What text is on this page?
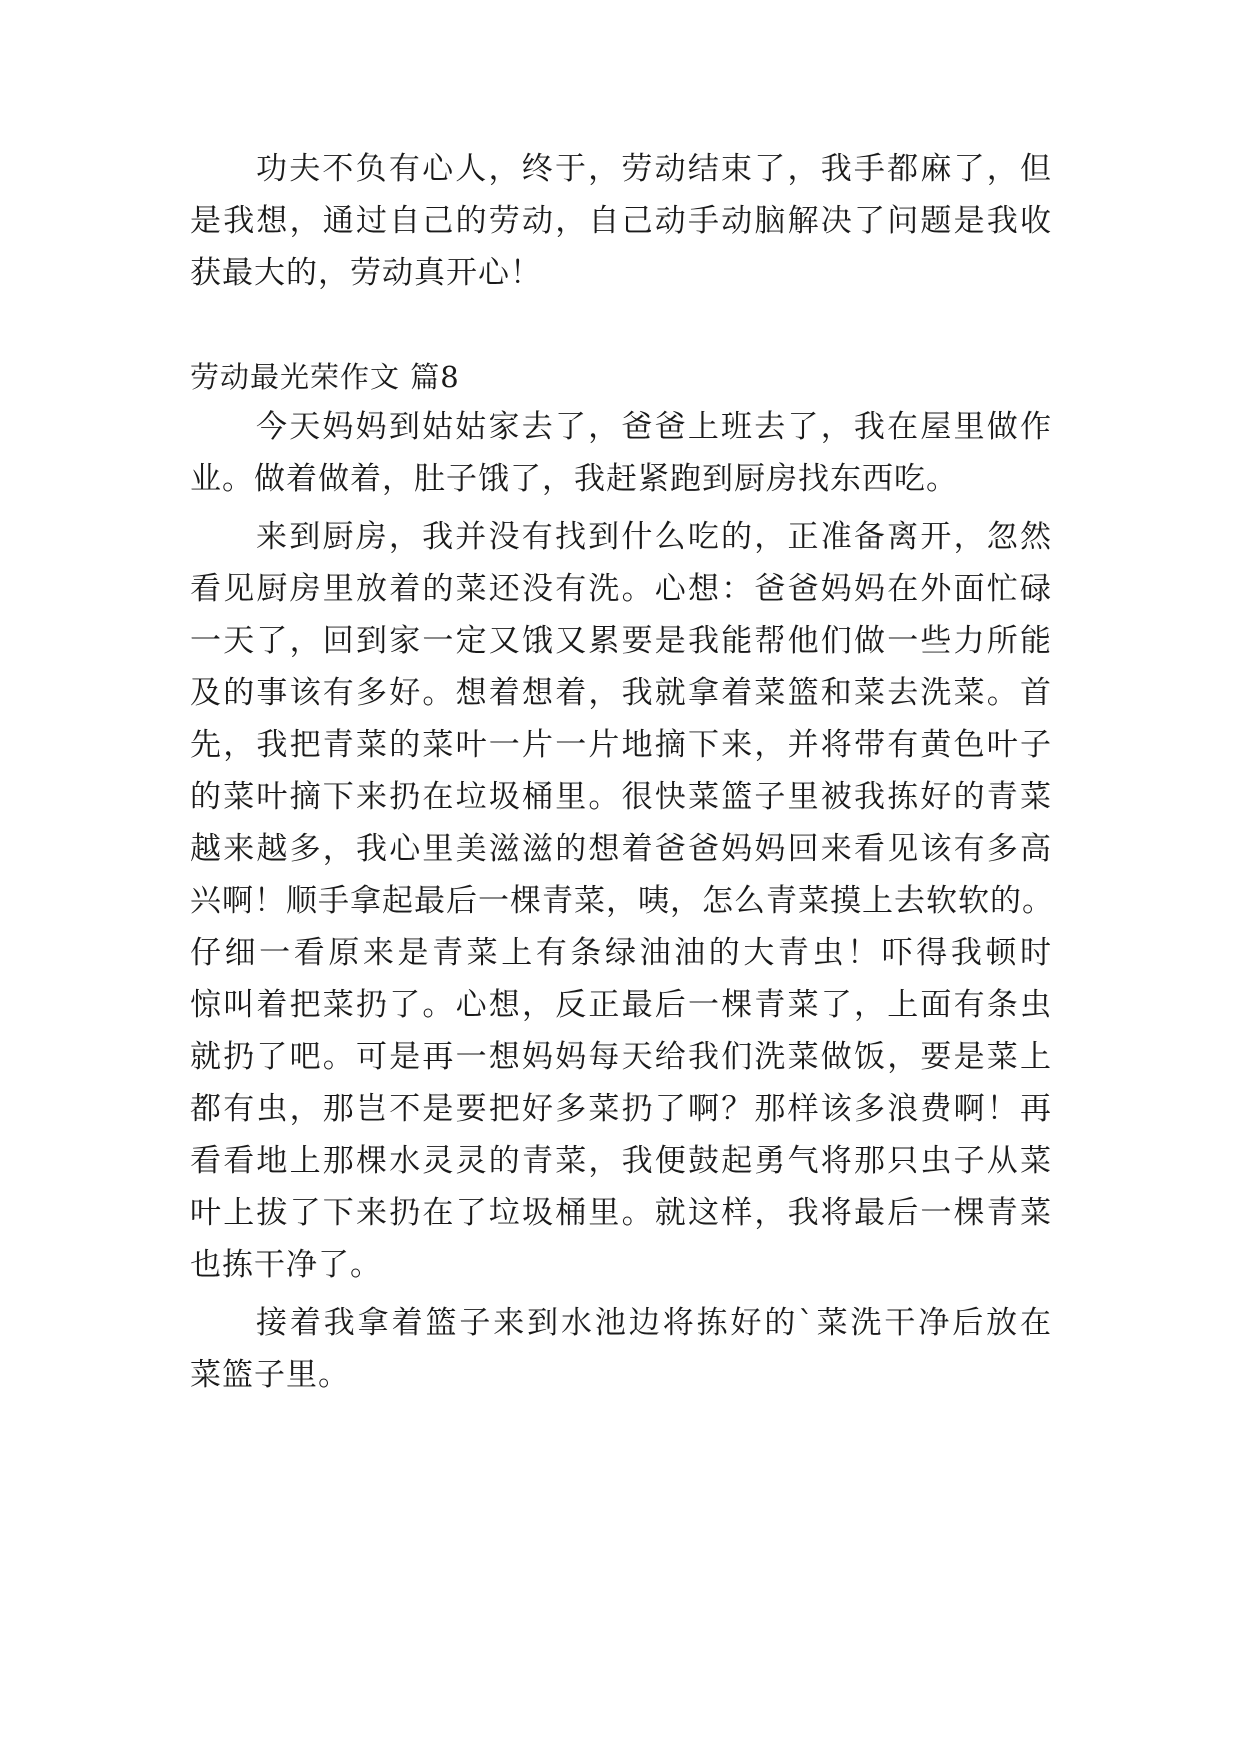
功夫不负有心人，终于，劳动结束了，我手都麻了，但
是我想，通过自己的劳动，自己动手动脑解决了问题是我收
获最大的，劳动真开心！
劳动最光荣作文 篇8
今天妈妈到姑姑家去了，爸爸上班去了，我在屋里做作
业。做着做着，肚子饿了，我赶紧跑到厨房找东西吃。
来到厨房，我并没有找到什么吃的，正准备离开，忽然
看见厨房里放着的菜还没有洗。心想：爸爸妈妈在外面忙碌
一天了，回到家一定又饿又累要是我能帮他们做一些力所能
及的事该有多好。想着想着，我就拿着菜篮和菜去洗菜。首
先，我把青菜的菜叶一片一片地摘下来，并将带有黄色叶子
的菜叶摘下来扔在垃圾桶里。很快菜篮子里被我拣好的青菜
越来越多，我心里美滋滋的想着爸爸妈妈回来看见该有多高
兴啊！顺手拿起最后一棵青菜，咦，怎么青菜摸上去软软的。
仔细一看原来是青菜上有条绿油油的大青虫！吓得我顿时
惊叫着把菜扔了。心想，反正最后一棵青菜了，上面有条虫
就扔了吧。可是再一想妈妈每天给我们洗菜做饭，要是菜上
都有虫，那岂不是要把好多菜扔了啊？那样该多浪费啊！再
看看地上那棵水灵灵的青菜，我便鼓起勇气将那只虫子从菜
叶上拔了下来扔在了垃圾桶里。就这样，我将最后一棵青菜
也拣干净了。
接着我拿着篮子来到水池边将拣好的`菜洗干净后放在
菜篮子里。
